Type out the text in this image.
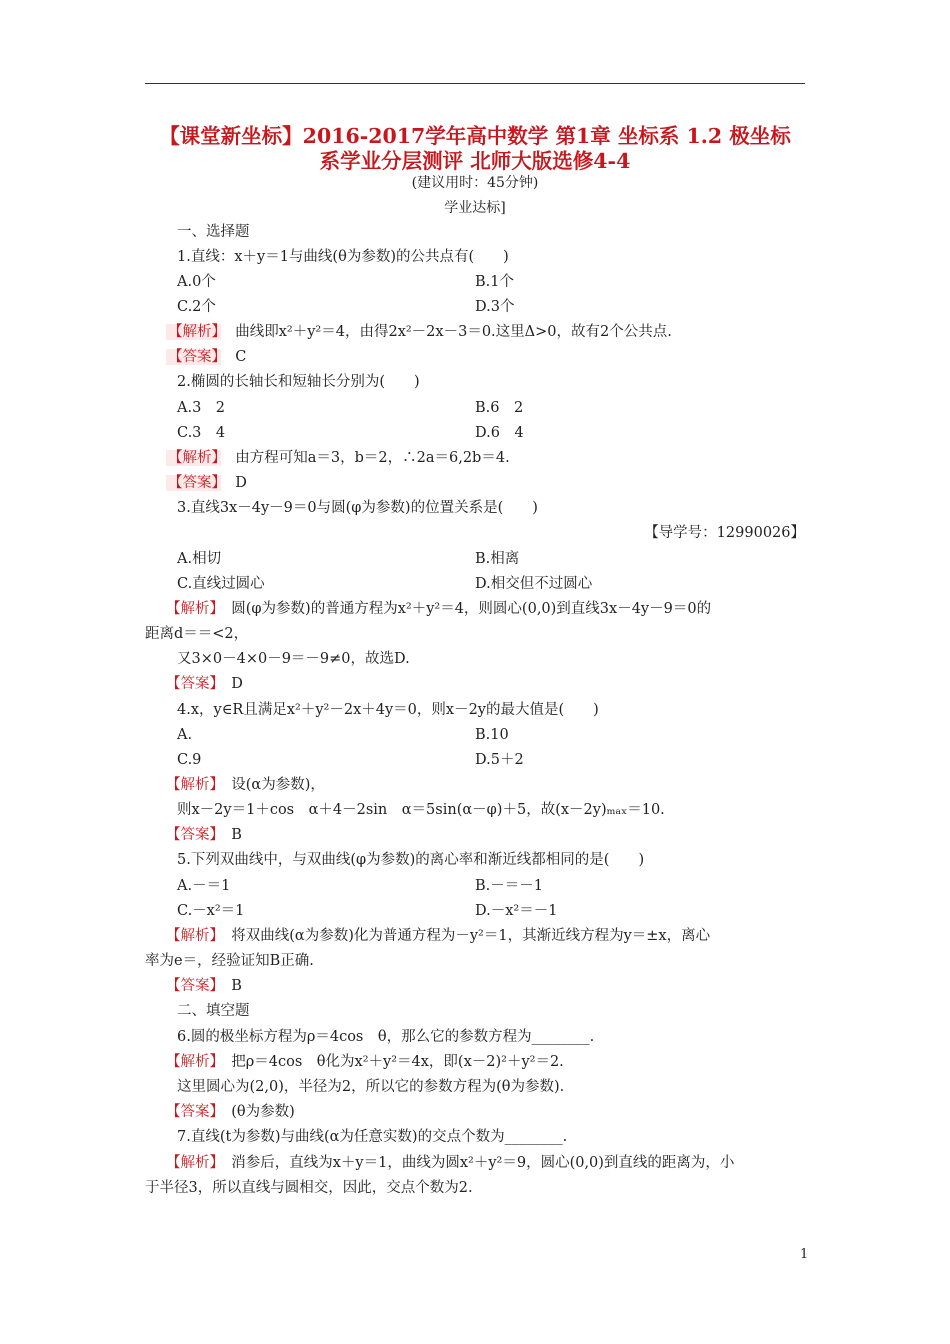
【课堂新坐标】2016-2017学年高中数学 第1章 坐标系 1.2 极坐标
系学业分层测评 北师大版选修4-4
(建议用时：45分钟)
学业达标]
一、选择题
1.直线：x＋y＝1与曲线(θ为参数)的公共点有(　　)
A.0个	B.1个
C.2个	D.3个
【解析】　 曲线即x²＋y²＝4，由得2x²－2x－3＝0.这里Δ>0，故有2个公共点.
【答案】　 C
2.椭圆的长轴长和短轴长分别为(　　)
A.3　2	B.6　2
C.3　4	D.6　4
【解析】　 由方程可知a＝3，b＝2，∴2a＝6,2b＝4.
【答案】　 D
3.直线3x－4y－9＝0与圆(φ为参数)的位置关系是(　　)
【导学号：12990026】
A.相切	B.相离
C.直线过圆心	D.相交但不过圆心
【解析】　 圆(φ为参数)的普通方程为x²＋y²＝4，则圆心(0,0)到直线3x－4y－9＝0的
距离d＝＝<2，
又3×0－4×0－9＝－9≠0，故选D.
【答案】　 D
4.x，y∈R且满足x²＋y²－2x＋4y＝0，则x－2y的最大值是(　　)
A.	B.10
C.9	D.5＋2
【解析】　 设(α为参数)，
则x－2y＝1＋cos　α＋4－2sin　α＝5sin(α－φ)＋5，故(x－2y)ₘₐₓ＝10.
【答案】　 B
5.下列双曲线中，与双曲线(φ为参数)的离心率和渐近线都相同的是(　　)
A.－＝1	B.－＝－1
C.－x²＝1	D.－x²＝－1
【解析】　 将双曲线(α为参数)化为普通方程为－y²＝1，其渐近线方程为y＝±x，离心
率为e＝，经验证知B正确.
【答案】　 B
二、填空题
6.圆的极坐标方程为ρ＝4cos　θ，那么它的参数方程为________.
【解析】　 把ρ＝4cos　θ化为x²＋y²＝4x，即(x－2)²＋y²＝2.
这里圆心为(2,0)，半径为2，所以它的参数方程为(θ为参数).
【答案】　 (θ为参数)
7.直线(t为参数)与曲线(α为任意实数)的交点个数为________.
【解析】　 消参后，直线为x＋y＝1，曲线为圆x²＋y²＝9，圆心(0,0)到直线的距离为，小
于半径3，所以直线与圆相交，因此，交点个数为2.
1
